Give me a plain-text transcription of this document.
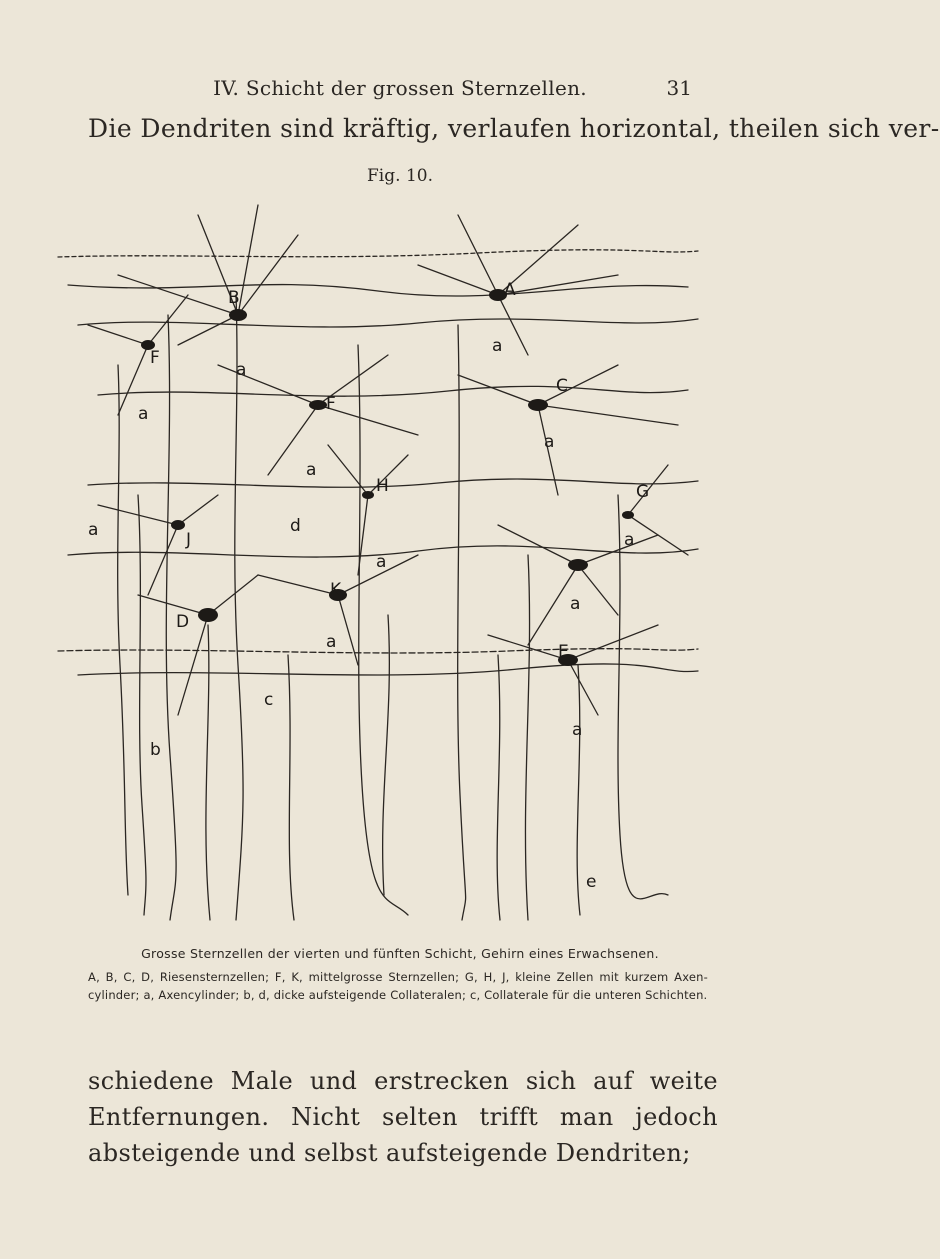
IV. Schicht der grossen Sternzellen.	31
Die Dendriten sind kräftig, verlaufen horizontal, theilen sich ver-
Fig. 10.
B	A
F
a
a
C
F
a
a
G
a
H
a
d
J
a
a
K
a
D
E
a
a
c
b
e
Grosse Sternzellen der vierten und fünften Schicht, Gehirn eines Erwachsenen.
A, B, C, D, Riesensternzellen; F, K, mittelgrosse Sternzellen; G, H, J, kleine Zellen mit kurzem Axen-cylinder; a, Axencylinder; b, d, dicke aufsteigende Collateralen; c, Collaterale für die unteren Schichten.
schiedene Male und erstrecken sich auf weite Entfernungen. Nicht selten trifft man jedoch absteigende und selbst aufsteigende Dendriten;
